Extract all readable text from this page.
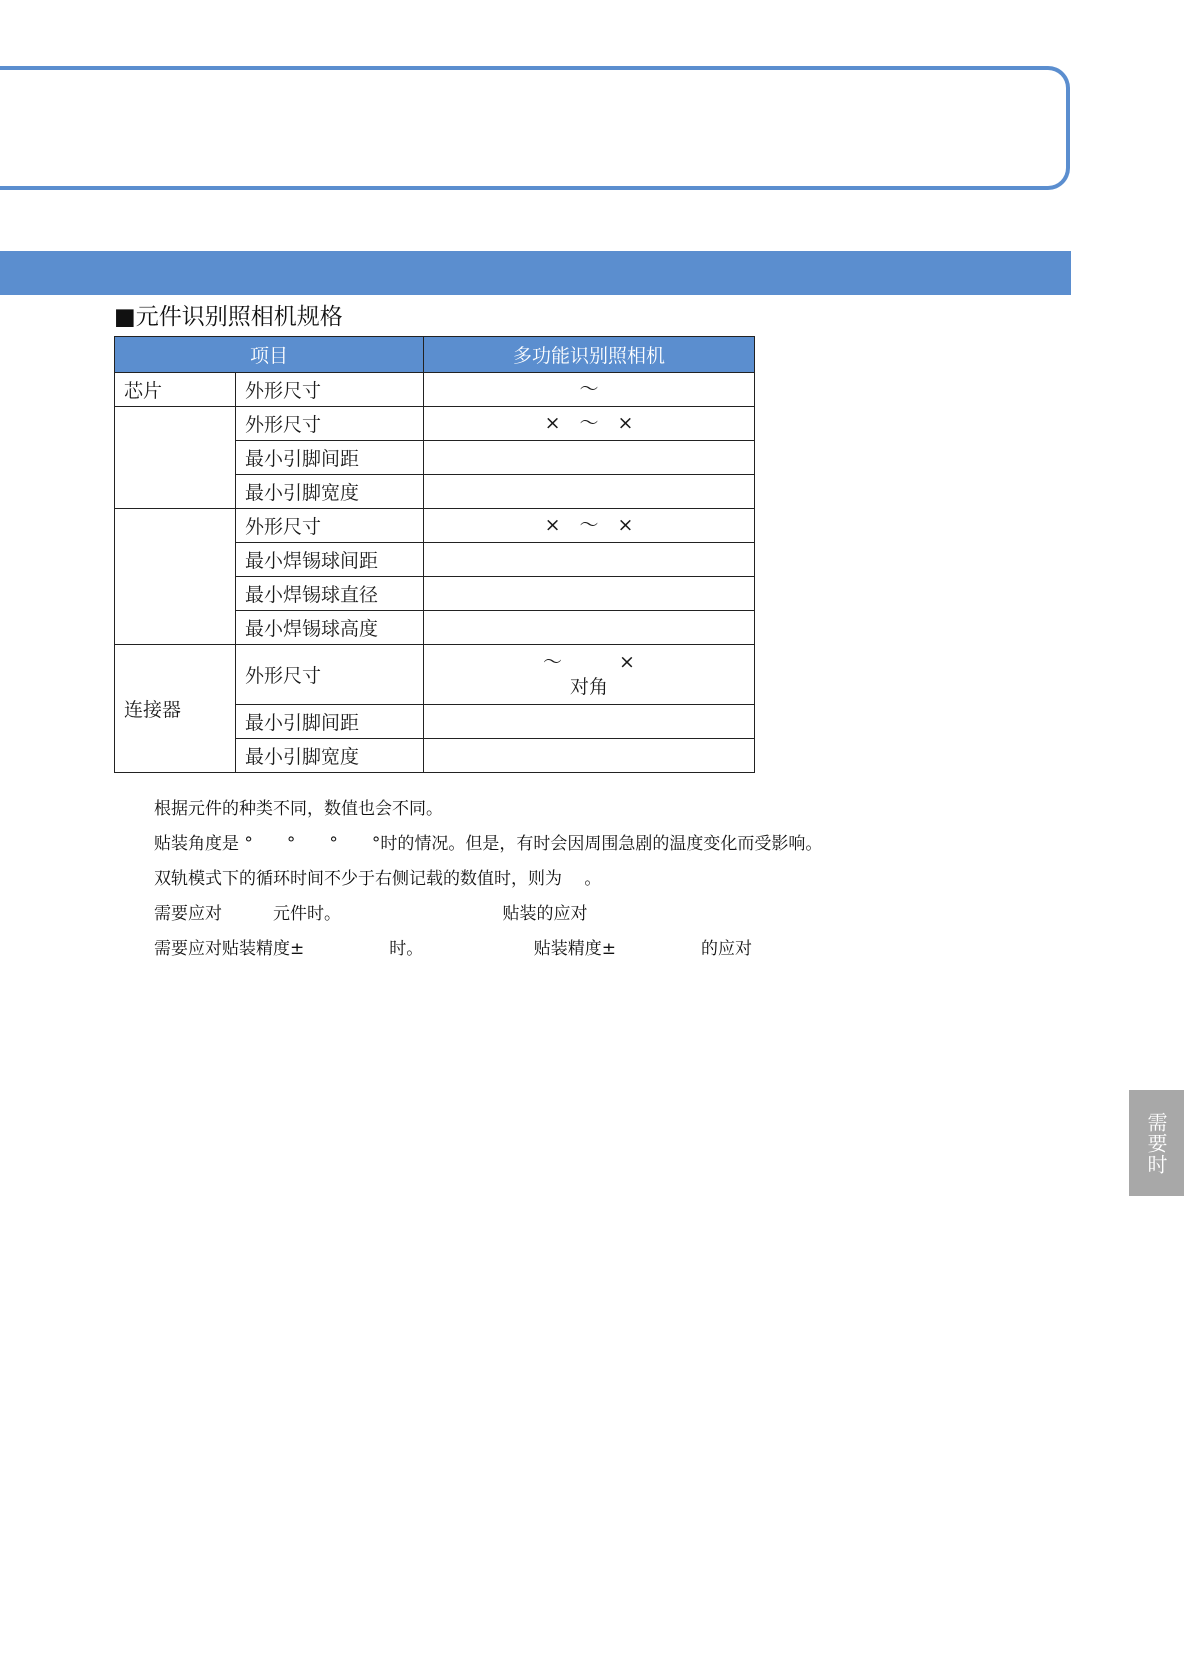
■元件识别照相机规格
项目		多功能识别照相机
芯片	外形尺寸	～
	外形尺寸	×　～　×
	最小引脚间距	
	最小引脚宽度	
	外形尺寸	×　～　×
	最小焊锡球间距	
	最小焊锡球直径	
	最小焊锡球高度	
连接器	外形尺寸	～　　　×
对角
	最小引脚间距	
	最小引脚宽度	

根据元件的种类不同，数值也会不同。

贴装角度是 °　　°　　°　　°时的情况。但是，有时会因周围急剧的温度变化而受影响。

双轨模式下的循环时间不少于右侧记载的数值时，则为　 。

需要应对　　　元件时。　　　　　　　　　　贴装的应对

需要应对贴装精度±　　　　　时。　　　　　　　贴装精度±　　　　　的应对

需要时
